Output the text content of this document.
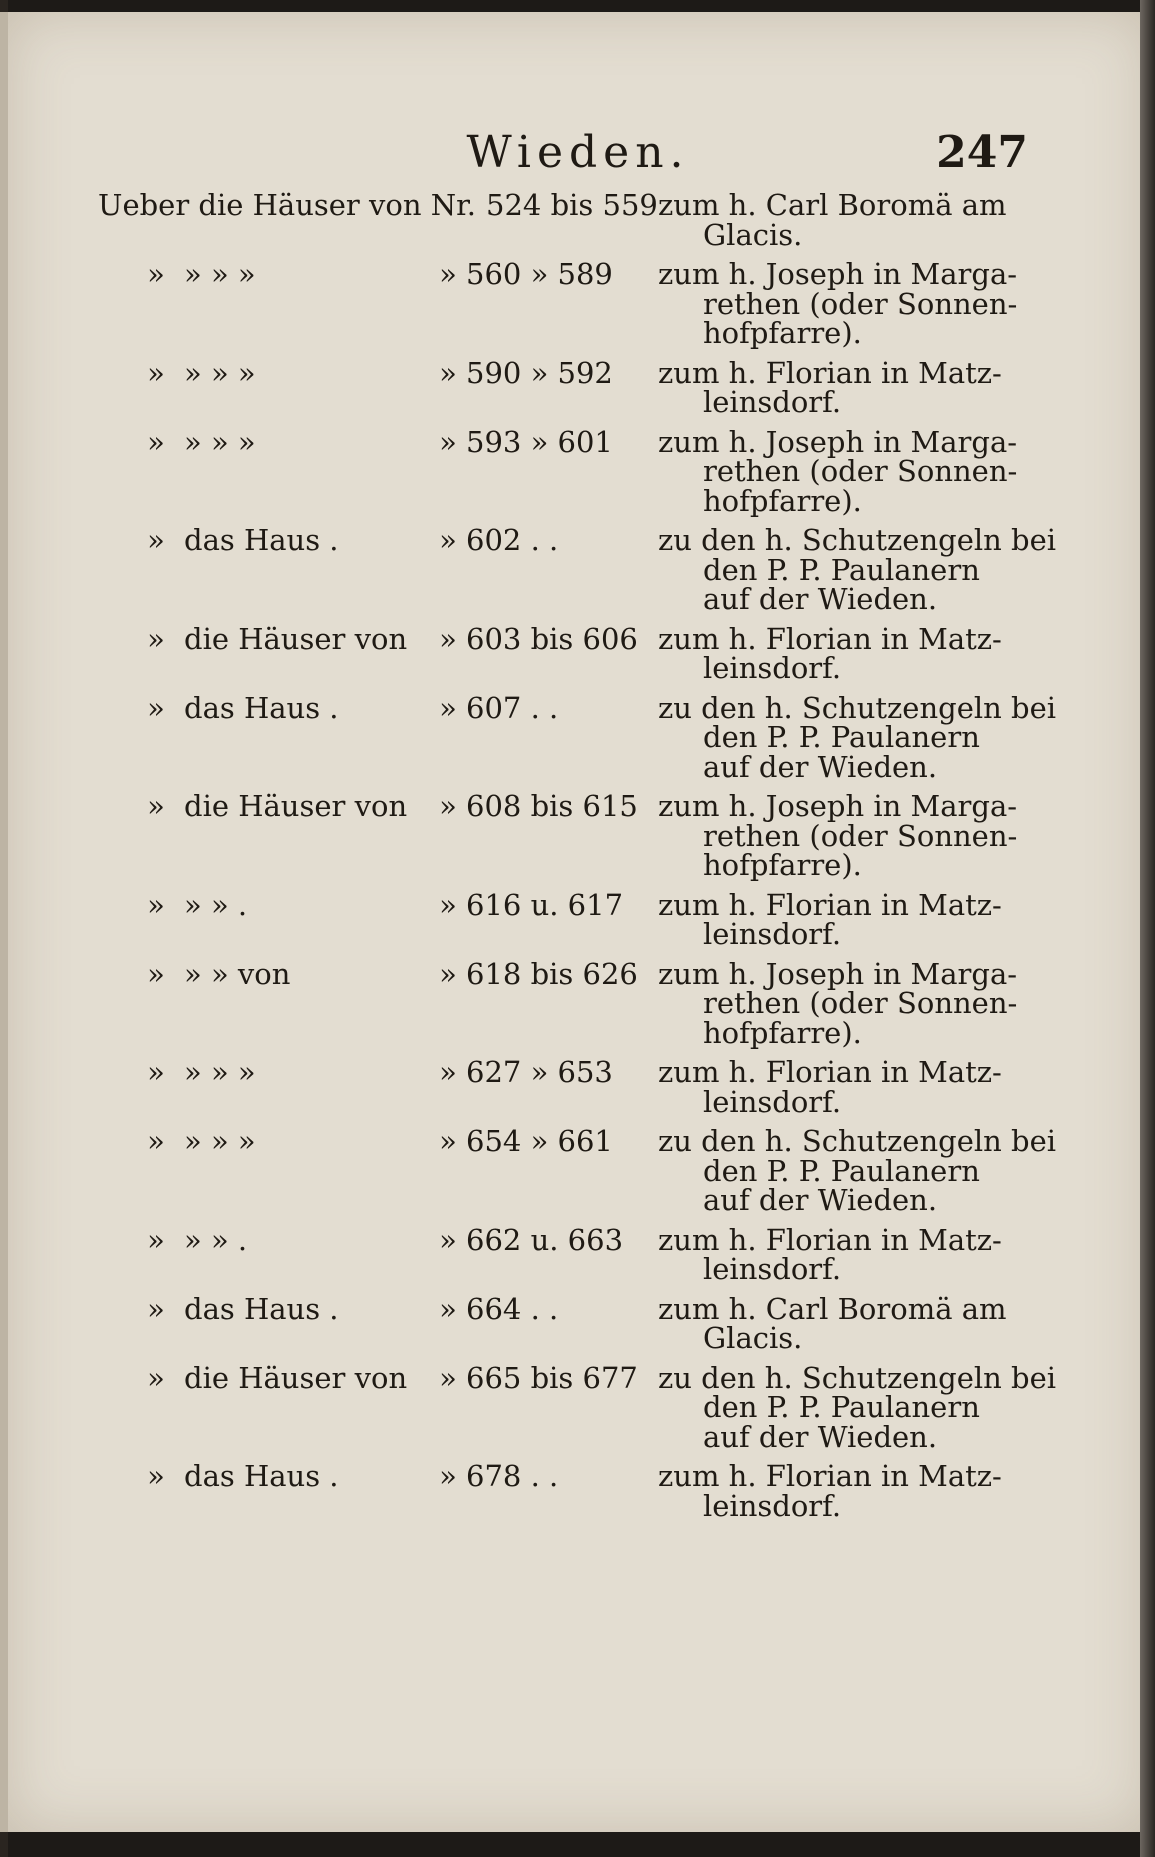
Wieden.	247
Ueber die Häuser von Nr. 524 bis 559 zum h. Carl Boromä am
Glacis.
» » » »	» 560 » 589	zum h. Joseph in Marga-
rethen (oder Sonnen-
hofpfarre).
» » » »	» 590 » 592	zum h. Florian in Matz-
leinsdorf.
» » » »	» 593 » 601	zum h. Joseph in Marga-
rethen (oder Sonnen-
hofpfarre).
» das Haus .	» 602 . .	zu den h. Schutzengeln bei
den P. P. Paulanern
auf der Wieden.
» die Häuser von	» 603 bis 606 zum h. Florian in Matz-
leinsdorf.
» das Haus .	» 607 . .	zu den h. Schutzengeln bei
den P. P. Paulanern
auf der Wieden.
» die Häuser von	» 608 bis 615 zum h. Joseph in Marga-
rethen (oder Sonnen-
hofpfarre).
» » » .	» 616 u. 617	zum h. Florian in Matz-
leinsdorf.
» » » von	» 618 bis 626 zum h. Joseph in Marga-
rethen (oder Sonnen-
hofpfarre).
» » » »	» 627 » 653	zum h. Florian in Matz-
leinsdorf.
» » » »	» 654 » 661	zu den h. Schutzengeln bei
den P. P. Paulanern
auf der Wieden.
» » » .	» 662 u. 663	zum h. Florian in Matz-
leinsdorf.
» das Haus .	» 664 . .	zum h. Carl Boromä am
Glacis.
» die Häuser von	» 665 bis 677 zu den h. Schutzengeln bei
den P. P. Paulanern
auf der Wieden.
» das Haus .	» 678 . .	zum h. Florian in Matz-
leinsdorf.
